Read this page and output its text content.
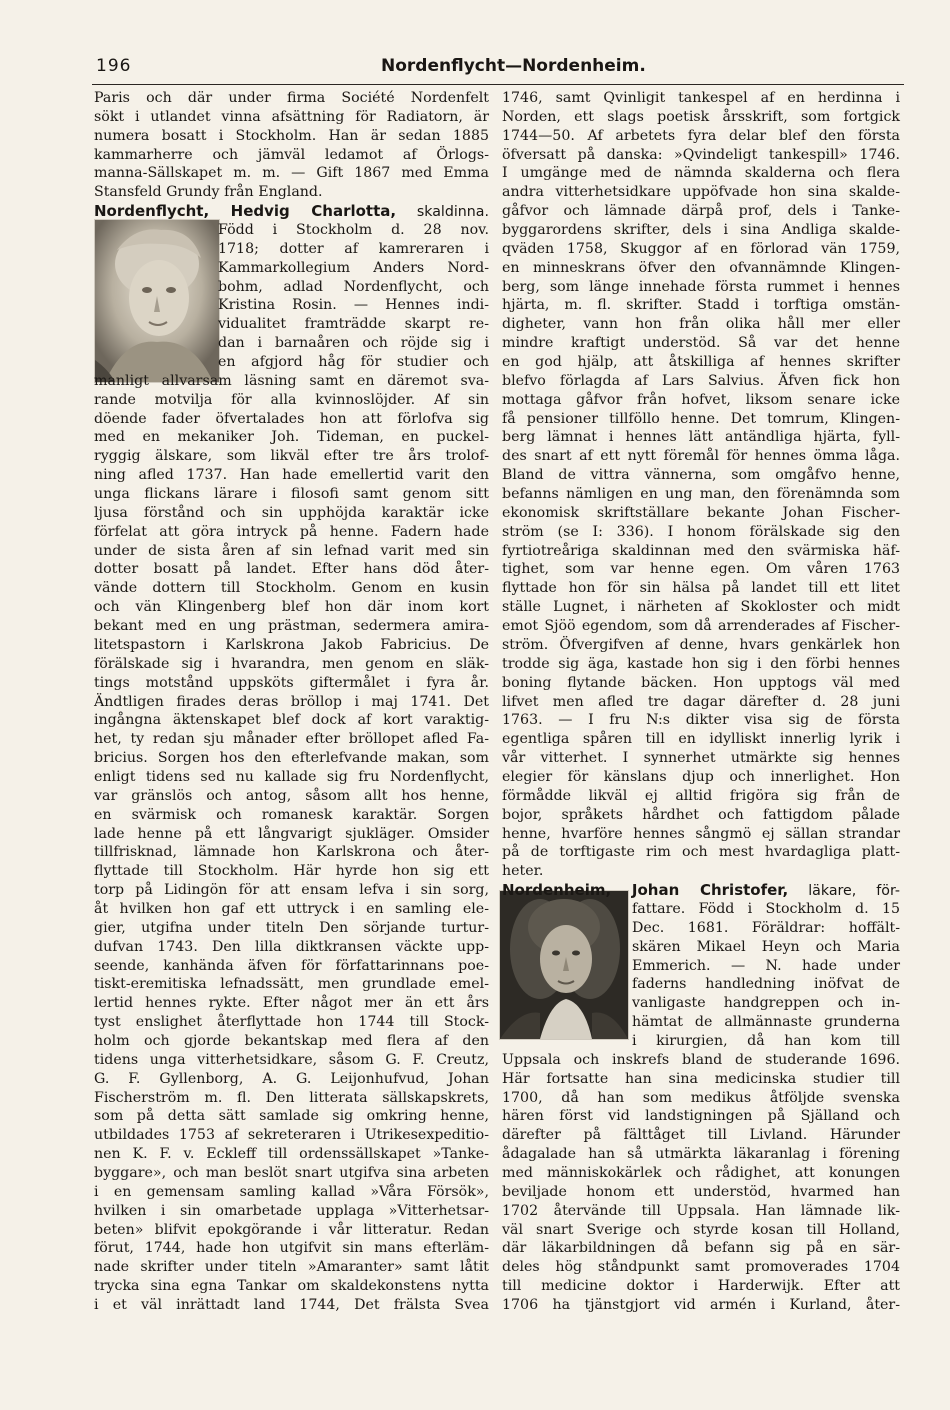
196	Nordenflycht—Nordenheim.
Paris och där under firma Société Nordenfelt
sökt i utlandet vinna afsättning för Radiatorn, är
numera bosatt i Stockholm. Han är sedan 1885
kammarherre och jämväl ledamot af Örlogs-
manna-Sällskapet m. m. — Gift 1867 med Emma
Stansfeld Grundy från England.
Nordenflycht, Hedvig Charlotta, skaldinna.
Född i Stockholm d. 28 nov.
1718; dotter af kamreraren i
Kammarkollegium Anders Nord-
bohm, adlad Nordenflycht, och
Kristina Rosin. — Hennes indi-
vidualitet framträdde skarpt re-
dan i barnaåren och röjde sig i
en afgjord håg för studier och
manligt allvarsam läsning samt en däremot sva-
rande motvilja för alla kvinnoslöjder. Af sin
döende fader öfvertalades hon att förlofva sig
med en mekaniker Joh. Tideman, en puckel-
ryggig älskare, som likväl efter tre års trolof-
ning afled 1737. Han hade emellertid varit den
unga flickans lärare i filosofi samt genom sitt
ljusa förstånd och sin upphöjda karaktär icke
förfelat att göra intryck på henne. Fadern hade
under de sista åren af sin lefnad varit med sin
dotter bosatt på landet. Efter hans död åter-
vände dottern till Stockholm. Genom en kusin
och vän Klingenberg blef hon där inom kort
bekant med en ung prästman, sedermera amira-
litetspastorn i Karlskrona Jakob Fabricius. De
förälskade sig i hvarandra, men genom en släk-
tings motstånd uppsköts giftermålet i fyra år.
Ändtligen firades deras bröllop i maj 1741. Det
ingångna äktenskapet blef dock af kort varaktig-
het, ty redan sju månader efter bröllopet afled Fa-
bricius. Sorgen hos den efterlefvande makan, som
enligt tidens sed nu kallade sig fru Nordenflycht,
var gränslös och antog, såsom allt hos henne,
en svärmisk och romanesk karaktär. Sorgen
lade henne på ett långvarigt sjukläger. Omsider
tillfrisknad, lämnade hon Karlskrona och åter-
flyttade till Stockholm. Här hyrde hon sig ett
torp på Lidingön för att ensam lefva i sin sorg,
åt hvilken hon gaf ett uttryck i en samling ele-
gier, utgifna under titeln Den sörjande turtur-
dufvan 1743. Den lilla diktkransen väckte upp-
seende, kanhända äfven för författarinnans poe-
tiskt-eremitiska lefnadssätt, men grundlade emel-
lertid hennes rykte. Efter något mer än ett års
tyst enslighet återflyttade hon 1744 till Stock-
holm och gjorde bekantskap med flera af den
tidens unga vitterhetsidkare, såsom G. F. Creutz,
G. F. Gyllenborg, A. G. Leijonhufvud, Johan
Fischerström m. fl. Den litterata sällskapskrets,
som på detta sätt samlade sig omkring henne,
utbildades 1753 af sekreteraren i Utrikesexpeditio-
nen K. F. v. Eckleff till ordenssällskapet »Tanke-
byggare», och man beslöt snart utgifva sina arbeten
i en gemensam samling kallad »Våra Försök»,
hvilken i sin omarbetade upplaga »Vitterhetsar-
beten» blifvit epokgörande i vår litteratur. Redan
förut, 1744, hade hon utgifvit sin mans efterläm-
nade skrifter under titeln »Amaranter» samt låtit
trycka sina egna Tankar om skaldekonstens nytta
i et väl inrättadt land 1744, Det frälsta Svea
1746, samt Qvinligit tankespel af en herdinna i
Norden, ett slags poetisk årsskrift, som fortgick
1744—50. Af arbetets fyra delar blef den första
öfversatt på danska: »Qvindeligt tankespill» 1746.
I umgänge med de nämnda skalderna och flera
andra vitterhetsidkare uppöfvade hon sina skalde-
gåfvor och lämnade därpå prof, dels i Tanke-
byggarordens skrifter, dels i sina Andliga skalde-
qväden 1758, Skuggor af en förlorad vän 1759,
en minneskrans öfver den ofvannämnde Klingen-
berg, som länge innehade första rummet i hennes
hjärta, m. fl. skrifter. Stadd i torftiga omstän-
digheter, vann hon från olika håll mer eller
mindre kraftigt understöd. Så var det henne
en god hjälp, att åtskilliga af hennes skrifter
blefvo förlagda af Lars Salvius. Äfven fick hon
mottaga gåfvor från hofvet, liksom senare icke
få pensioner tillföllo henne. Det tomrum, Klingen-
berg lämnat i hennes lätt antändliga hjärta, fyll-
des snart af ett nytt föremål för hennes ömma låga.
Bland de vittra vännerna, som omgåfvo henne,
befanns nämligen en ung man, den förenämnda som
ekonomisk skriftställare bekante Johan Fischer-
ström (se I: 336). I honom förälskade sig den
fyrtiotreåriga skaldinnan med den svärmiska häf-
tighet, som var henne egen. Om våren 1763
flyttade hon för sin hälsa på landet till ett litet
ställe Lugnet, i närheten af Skokloster och midt
emot Sjöö egendom, som då arrenderades af Fischer-
ström. Öfvergifven af denne, hvars genkärlek hon
trodde sig äga, kastade hon sig i den förbi hennes
boning flytande bäcken. Hon upptogs väl med
lifvet men afled tre dagar därefter d. 28 juni
1763. — I fru N:s dikter visa sig de första
egentliga spåren till en idylliskt innerlig lyrik i
vår vitterhet. I synnerhet utmärkte sig hennes
elegier för känslans djup och innerlighet. Hon
förmådde likväl ej alltid frigöra sig från de
bojor, språkets hårdhet och fattigdom pålade
henne, hvarföre hennes sångmö ej sällan strandar
på de torftigaste rim och mest hvardagliga platt-
heter.
Nordenheim, Johan Christofer, läkare, för-
fattare. Född i Stockholm d. 15
Dec. 1681. Föräldrar: hoffält-
skären Mikael Heyn och Maria
Emmerich. — N. hade under
faderns handledning inöfvat de
vanligaste handgreppen och in-
hämtat de allmännaste grunderna
i kirurgien, då han kom till
Uppsala och inskrefs bland de studerande 1696.
Här fortsatte han sina medicinska studier till
1700, då han som medikus åtföljde svenska
hären först vid landstigningen på Själland och
därefter på fälttåget till Livland. Härunder
ådagalade han så utmärkta läkaranlag i förening
med människokärlek och rådighet, att konungen
beviljade honom ett understöd, hvarmed han
1702 återvände till Uppsala. Han lämnade lik-
väl snart Sverige och styrde kosan till Holland,
där läkarbildningen då befann sig på en sär-
deles hög ståndpunkt samt promoverades 1704
till medicine doktor i Harderwijk. Efter att
1706 ha tjänstgjort vid armén i Kurland, åter-
